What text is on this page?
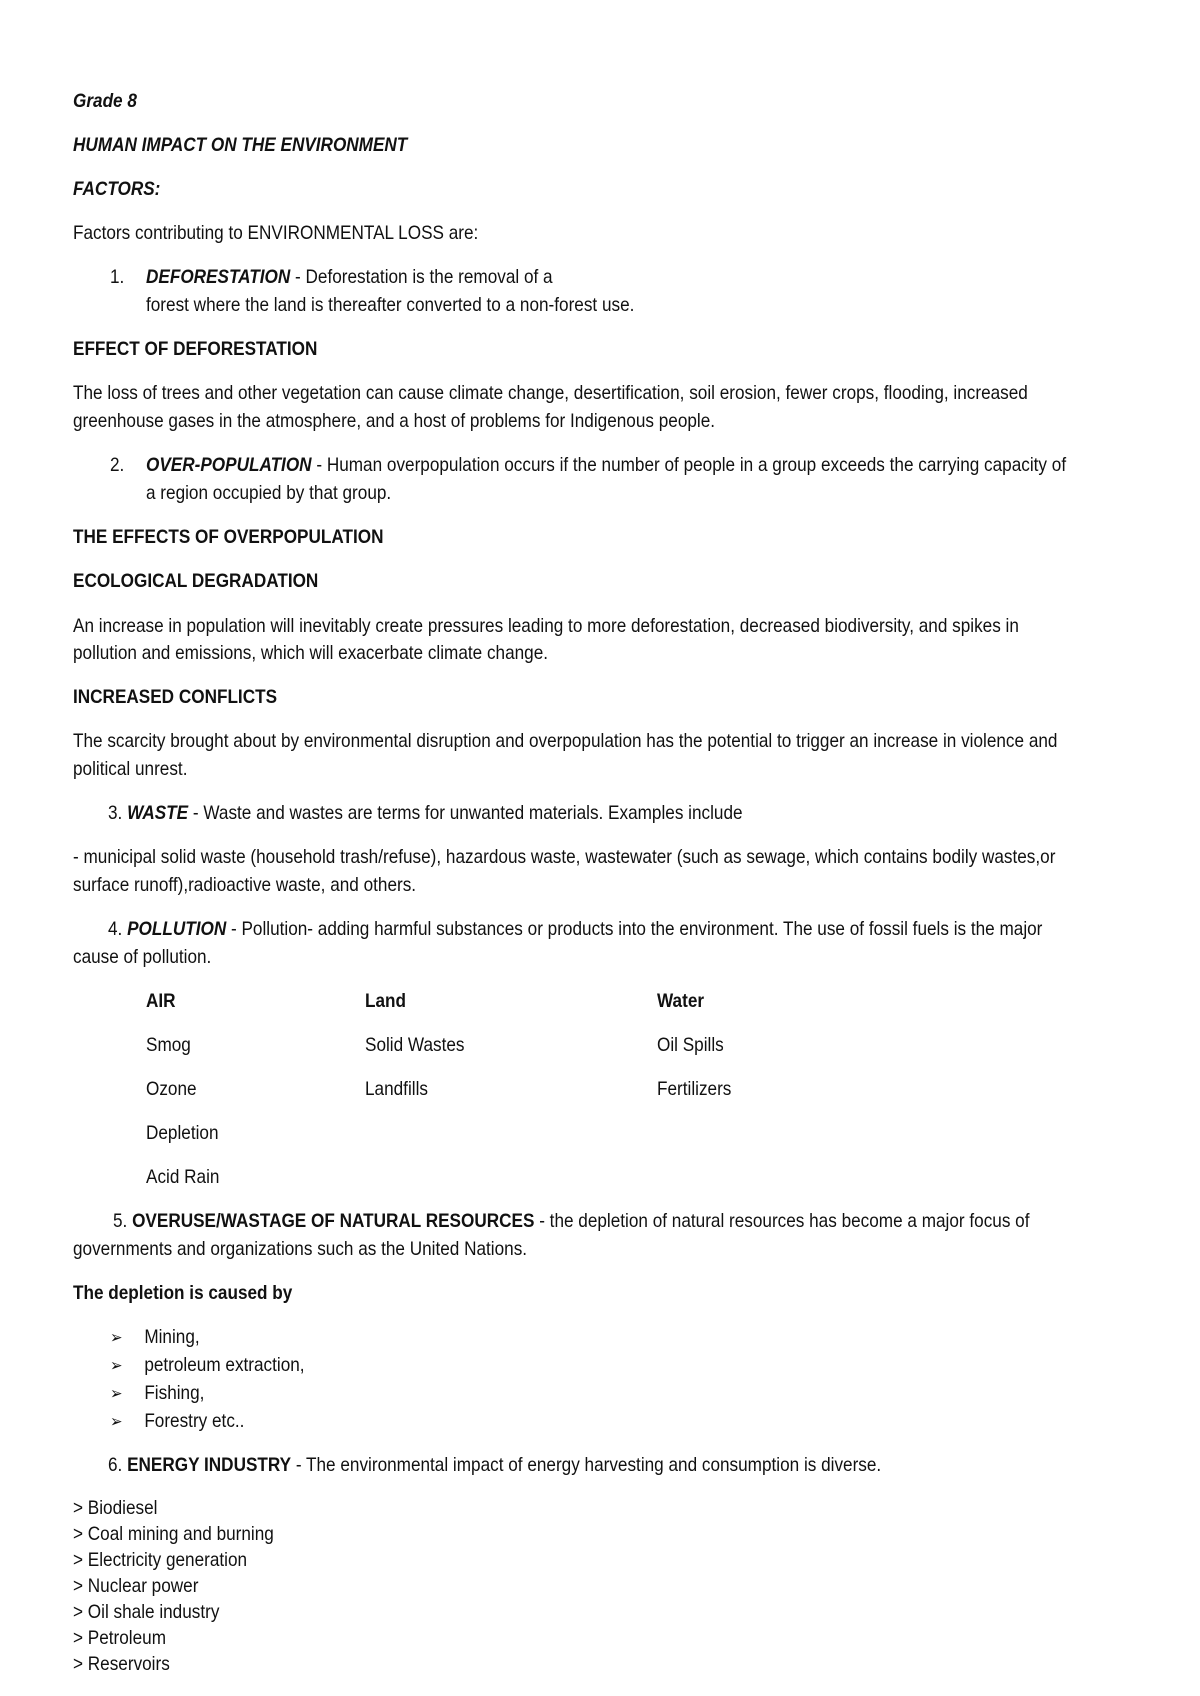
Grade 8
HUMAN IMPACT ON THE ENVIRONMENT
FACTORS:
Factors contributing to ENVIRONMENTAL LOSS are:
1. DEFORESTATION - Deforestation is the removal of a
forest where the land is thereafter converted to a non-forest use.
EFFECT OF DEFORESTATION
The loss of trees and other vegetation can cause climate change, desertification, soil erosion, fewer crops, flooding, increased
greenhouse gases in the atmosphere, and a host of problems for Indigenous people.
2. OVER-POPULATION - Human overpopulation occurs if the number of people in a group exceeds the carrying capacity of
a region occupied by that group.
THE EFFECTS OF OVERPOPULATION
ECOLOGICAL DEGRADATION
An increase in population will inevitably create pressures leading to more deforestation, decreased biodiversity, and spikes in
pollution and emissions, which will exacerbate climate change.
INCREASED CONFLICTS
The scarcity brought about by environmental disruption and overpopulation has the potential to trigger an increase in violence and
political unrest.
3. WASTE - Waste and wastes are terms for unwanted materials. Examples include
- municipal solid waste (household trash/refuse), hazardous waste, wastewater (such as sewage, which contains bodily wastes,or
surface runoff),radioactive waste, and others.
4. POLLUTION - Pollution- adding harmful substances or products into the environment. The use of fossil fuels is the major
cause of pollution.
AIR	Land	Water
Smog	Solid Wastes	Oil Spills
Ozone	Landfills	Fertilizers
Depletion
Acid Rain
5. OVERUSE/WASTAGE OF NATURAL RESOURCES - the depletion of natural resources has become a major focus of
governments and organizations such as the United Nations.
The depletion is caused by
➢ Mining,
➢ petroleum extraction,
➢ Fishing,
➢ Forestry etc..
6. ENERGY INDUSTRY - The environmental impact of energy harvesting and consumption is diverse.
> Biodiesel
> Coal mining and burning
> Electricity generation
> Nuclear power
> Oil shale industry
> Petroleum
> Reservoirs
